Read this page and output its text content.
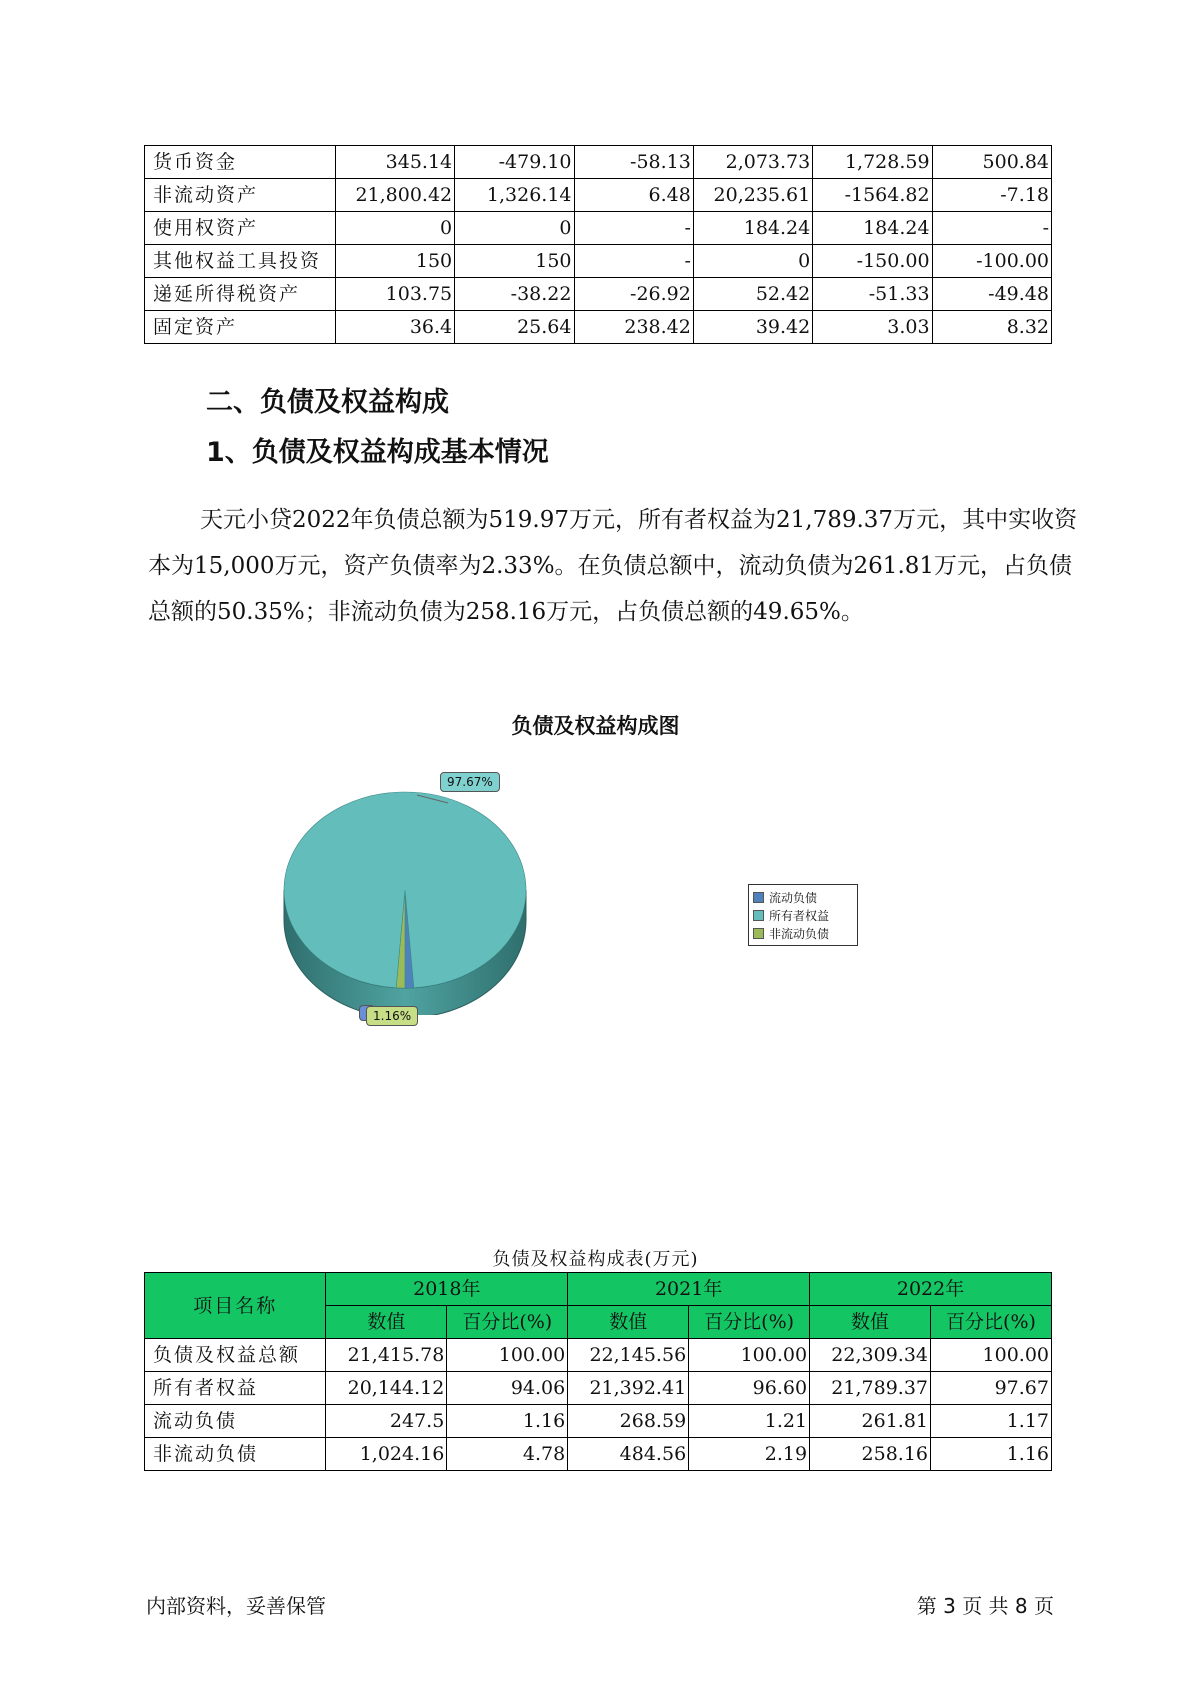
货币资金	345.14	-479.10	-58.13	2,073.73	1,728.59	500.84
非流动资产	21,800.42	1,326.14	6.48	20,235.61	-1564.82	-7.18
使用权资产	0	0	-	184.24	184.24	-
其他权益工具投资	150	150	-	0	-150.00	-100.00
递延所得税资产	103.75	-38.22	-26.92	52.42	-51.33	-49.48
固定资产	36.4	25.64	238.42	39.42	3.03	8.32
二、负债及权益构成
1、负债及权益构成基本情况

天元小贷2022年负债总额为519.97万元，所有者权益为21,789.37万元，其中实收资本为15,000万元，资产负债率为2.33%。在负债总额中，流动负债为261.81万元，占负债总额的50.35%；非流动负债为258.16万元，占负债总额的49.65%。

负债及权益构成图
97.67%
1.16%
流动负债
所有者权益
非流动负债
负债及权益构成表(万元)
项目名称	2018年		2021年		2022年	
	数值	百分比(%)	数值	百分比(%)	数值	百分比(%)
负债及权益总额	21,415.78	100.00	22,145.56	100.00	22,309.34	100.00
所有者权益	20,144.12	94.06	21,392.41	96.60	21,789.37	97.67
流动负债	247.5	1.16	268.59	1.21	261.81	1.17
非流动负债	1,024.16	4.78	484.56	2.19	258.16	1.16
内部资料，妥善保管	第 3 页 共 8 页
